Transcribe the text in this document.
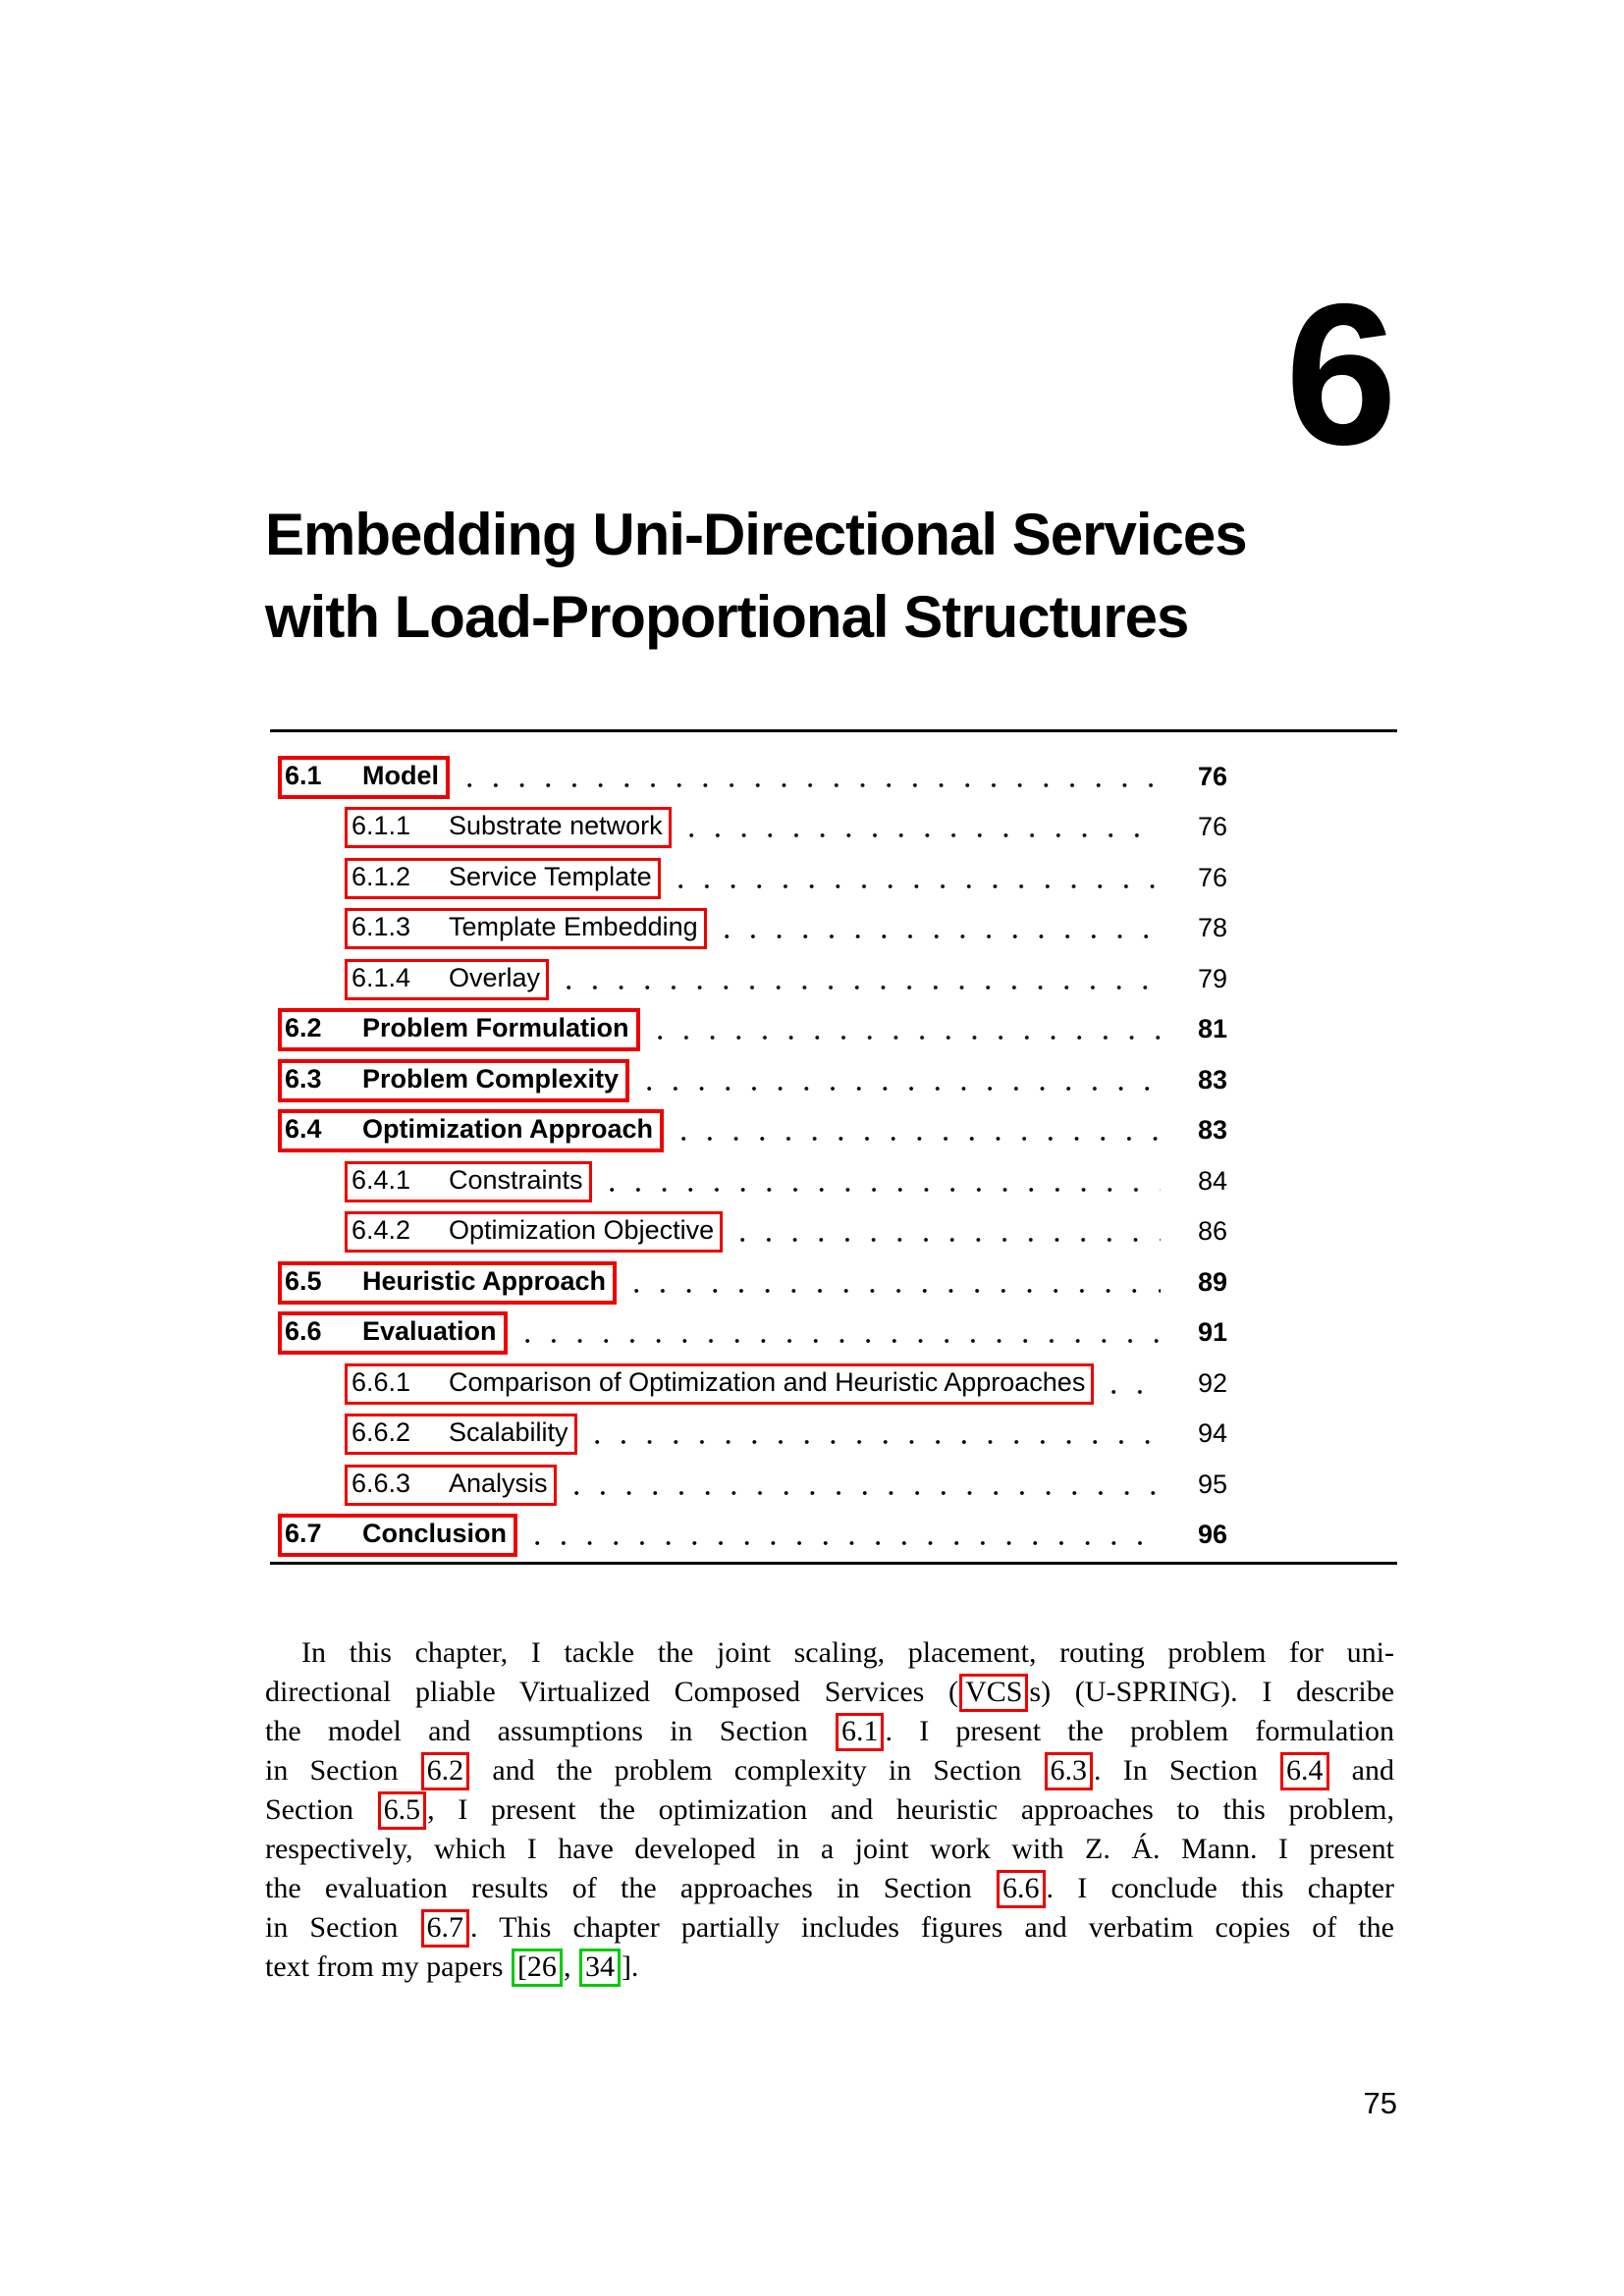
6
Embedding Uni-Directional Services
with Load-Proportional Structures
6.1	Model	76
6.1.1	Substrate network	76
6.1.2	Service Template	76
6.1.3	Template Embedding	78
6.1.4	Overlay	79
6.2	Problem Formulation	81
6.3	Problem Complexity	83
6.4	Optimization Approach	83
6.4.1	Constraints	84
6.4.2	Optimization Objective	86
6.5	Heuristic Approach	89
6.6	Evaluation	91
6.6.1	Comparison of Optimization and Heuristic Approaches	92
6.6.2	Scalability	94
6.6.3	Analysis	95
6.7	Conclusion	96
In this chapter, I tackle the joint scaling, placement, routing problem for uni-
directional pliable Virtualized Composed Services ( VCS s) (U-SPRING). I describe
the model and assumptions in Section 6.1 . I present the problem formulation
in Section 6.2 and the problem complexity in Section 6.3 . In Section 6.4 and
Section 6.5 , I present the optimization and heuristic approaches to this problem,
respectively, which I have developed in a joint work with Z. Á. Mann. I present
the evaluation results of the approaches in Section 6.6 . I conclude this chapter
in Section 6.7 . This chapter partially includes figures and verbatim copies of the
text from my papers [26 , 34 ].
75
